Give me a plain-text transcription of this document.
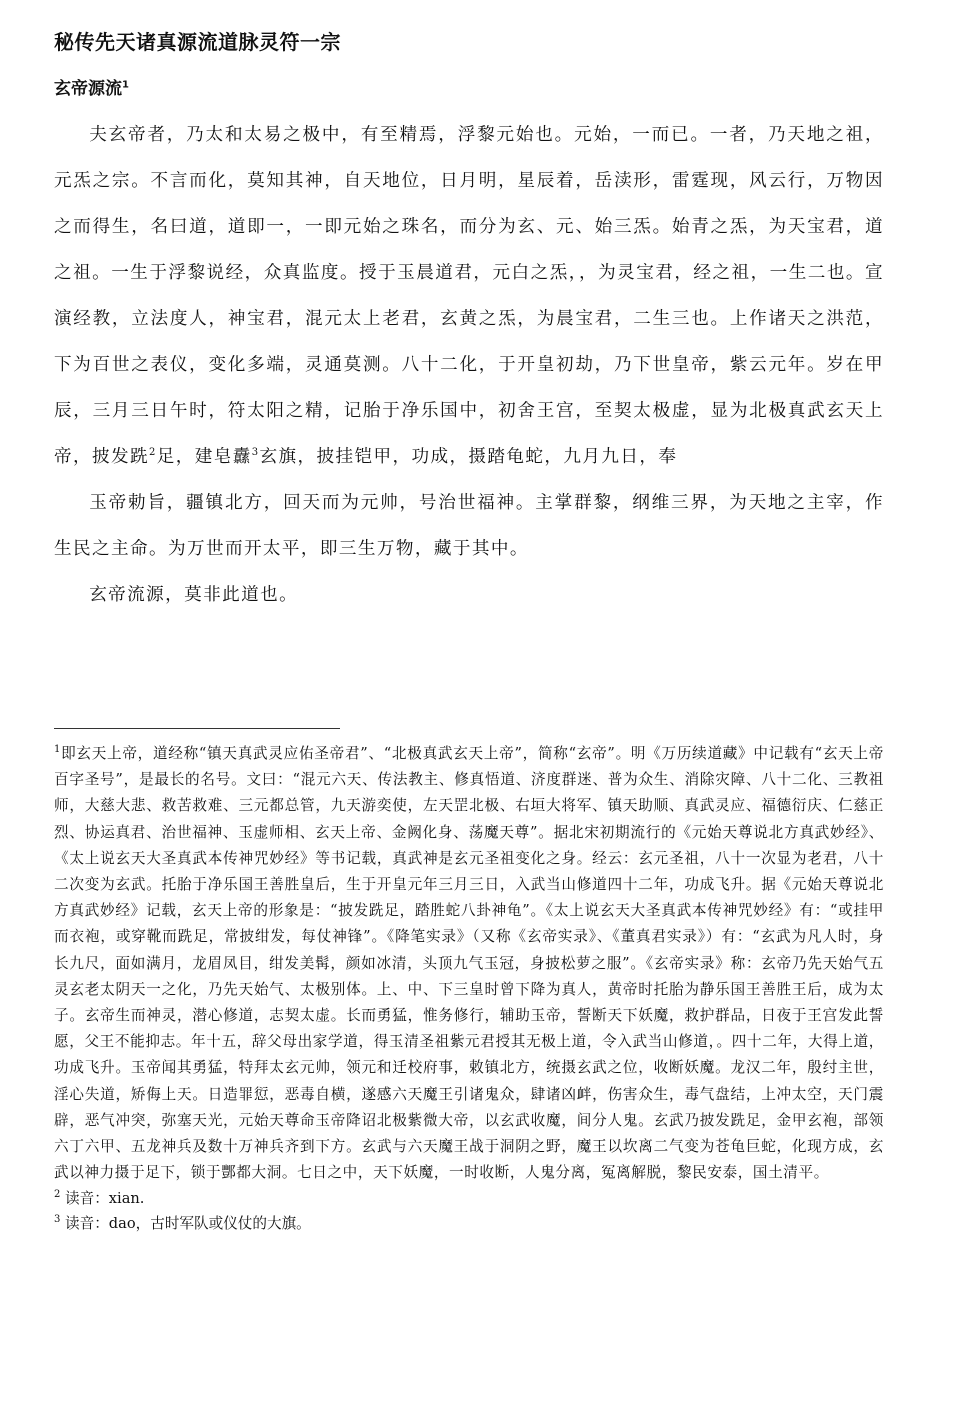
秘传先天诸真源流道脉灵符一宗
玄帝源流$^1$

夫玄帝者，乃太和太易之极中，有至精焉，浮黎元始也。元始，一而已。一者，乃天地之祖，元炁之宗。不言而化，莫知其神，自天地位，日月明，星辰着，岳渎形，雷霆现，风云行，万物因之而得生，名曰道，道即一，一即元始之珠名，而分为玄、元、始三炁。始青之炁，为天宝君，道之祖。一生于浮黎说经，众真监度。授于玉晨道君，元白之炁，，为灵宝君，经之祖，一生二也。宣演经教，立法度人，神宝君，混元太上老君，玄黄之炁，为晨宝君，二生三也。上作诸天之洪范，下为百世之表仪，变化多端，灵通莫测。八十二化，于开皇初劫，乃下世皇帝，紫云元年。岁在甲辰，三月三日午时，符太阳之精，记胎于净乐国中，初舍王宫，至契太极虚，显为北极真武玄天上帝，披发跣$^2$足，建皂纛$^3$玄旗，披挂铠甲，功成，摄踏龟蛇，九月九日，奉

玉帝勅旨，疆镇北方，回天而为元帅，号治世福神。主掌群黎，纲维三界，为天地之主宰，作生民之主命。为万世而开太平，即三生万物，藏于其中。

玄帝流源，莫非此道也。

$^1$即玄天上帝，道经称“镇天真武灵应佑圣帝君”、“北极真武玄天上帝”，简称“玄帝”。明《万历续道藏》中记载有“玄天上帝百字圣号”，是最长的名号。文曰：“混元六天、传法教主、修真悟道、济度群迷、普为众生、消除灾障、八十二化、三教祖师，大慈大悲、救苦救难、三元都总管，九天游奕使，左天罡北极、右垣大将军、镇天助顺、真武灵应、福德衍庆、仁慈正烈、协运真君、治世福神、玉虚师相、玄天上帝、金阙化身、荡魔天尊”。据北宋初期流行的《元始天尊说北方真武妙经》、《太上说玄天大圣真武本传神咒妙经》等书记载，真武神是玄元圣祖变化之身。经云：玄元圣祖，八十一次显为老君，八十二次变为玄武。托胎于净乐国王善胜皇后，生于开皇元年三月三日，入武当山修道四十二年，功成飞升。据《元始天尊说北方真武妙经》记载，玄天上帝的形象是：“披发跣足，踏胜蛇八卦神龟”。《太上说玄天大圣真武本传神咒妙经》有：“或挂甲而衣袍，或穿靴而跣足，常披绀发，每仗神锋”。《降笔实录》（又称《玄帝实录》、《董真君实录》）有：“玄武为凡人时，身长九尺，面如满月，龙眉凤目，绀发美髯，颜如冰清，头顶九气玉冠，身披松萝之服”。《玄帝实录》称：玄帝乃先天始气五灵玄老太阴天一之化，乃先天始气、太极别体。上、中、下三皇时曾下降为真人，黄帝时托胎为静乐国王善胜王后，成为太子。玄帝生而神灵，潜心修道，志契太虚。长而勇猛，惟务修行，辅助玉帝，誓断天下妖魔，救护群品，日夜于王宫发此誓愿，父王不能抑志。年十五，辞父母出家学道，得玉清圣祖紫元君授其无极上道，令入武当山修道，。四十二年，大得上道，功成飞升。玉帝闻其勇猛，特拜太玄元帅，领元和迁校府事，敕镇北方，统摄玄武之位，收断妖魔。龙汉二年，殷纣主世，淫心失道，矫侮上天。日造罪愆，恶毒自横，遂感六天魔王引诸鬼众，肆诸凶衅，伤害众生，毒气盘结，上冲太空，天门震辟，恶气冲突，弥塞天光，元始天尊命玉帝降诏北极紫微大帝，以玄武收魔，间分人鬼。玄武乃披发跣足，金甲玄袍，部领六丁六甲、五龙神兵及数十万神兵齐到下方。玄武与六天魔王战于洞阴之野，魔王以坎离二气变为苍龟巨蛇，化现方成，玄武以神力摄于足下，锁于酆都大洞。七日之中，天下妖魔，一时收断，人鬼分离，冤离解脱，黎民安泰，国土清平。

$^2$ 读音：xian.

$^3$ 读音：dao，古时军队或仪仗的大旗。
